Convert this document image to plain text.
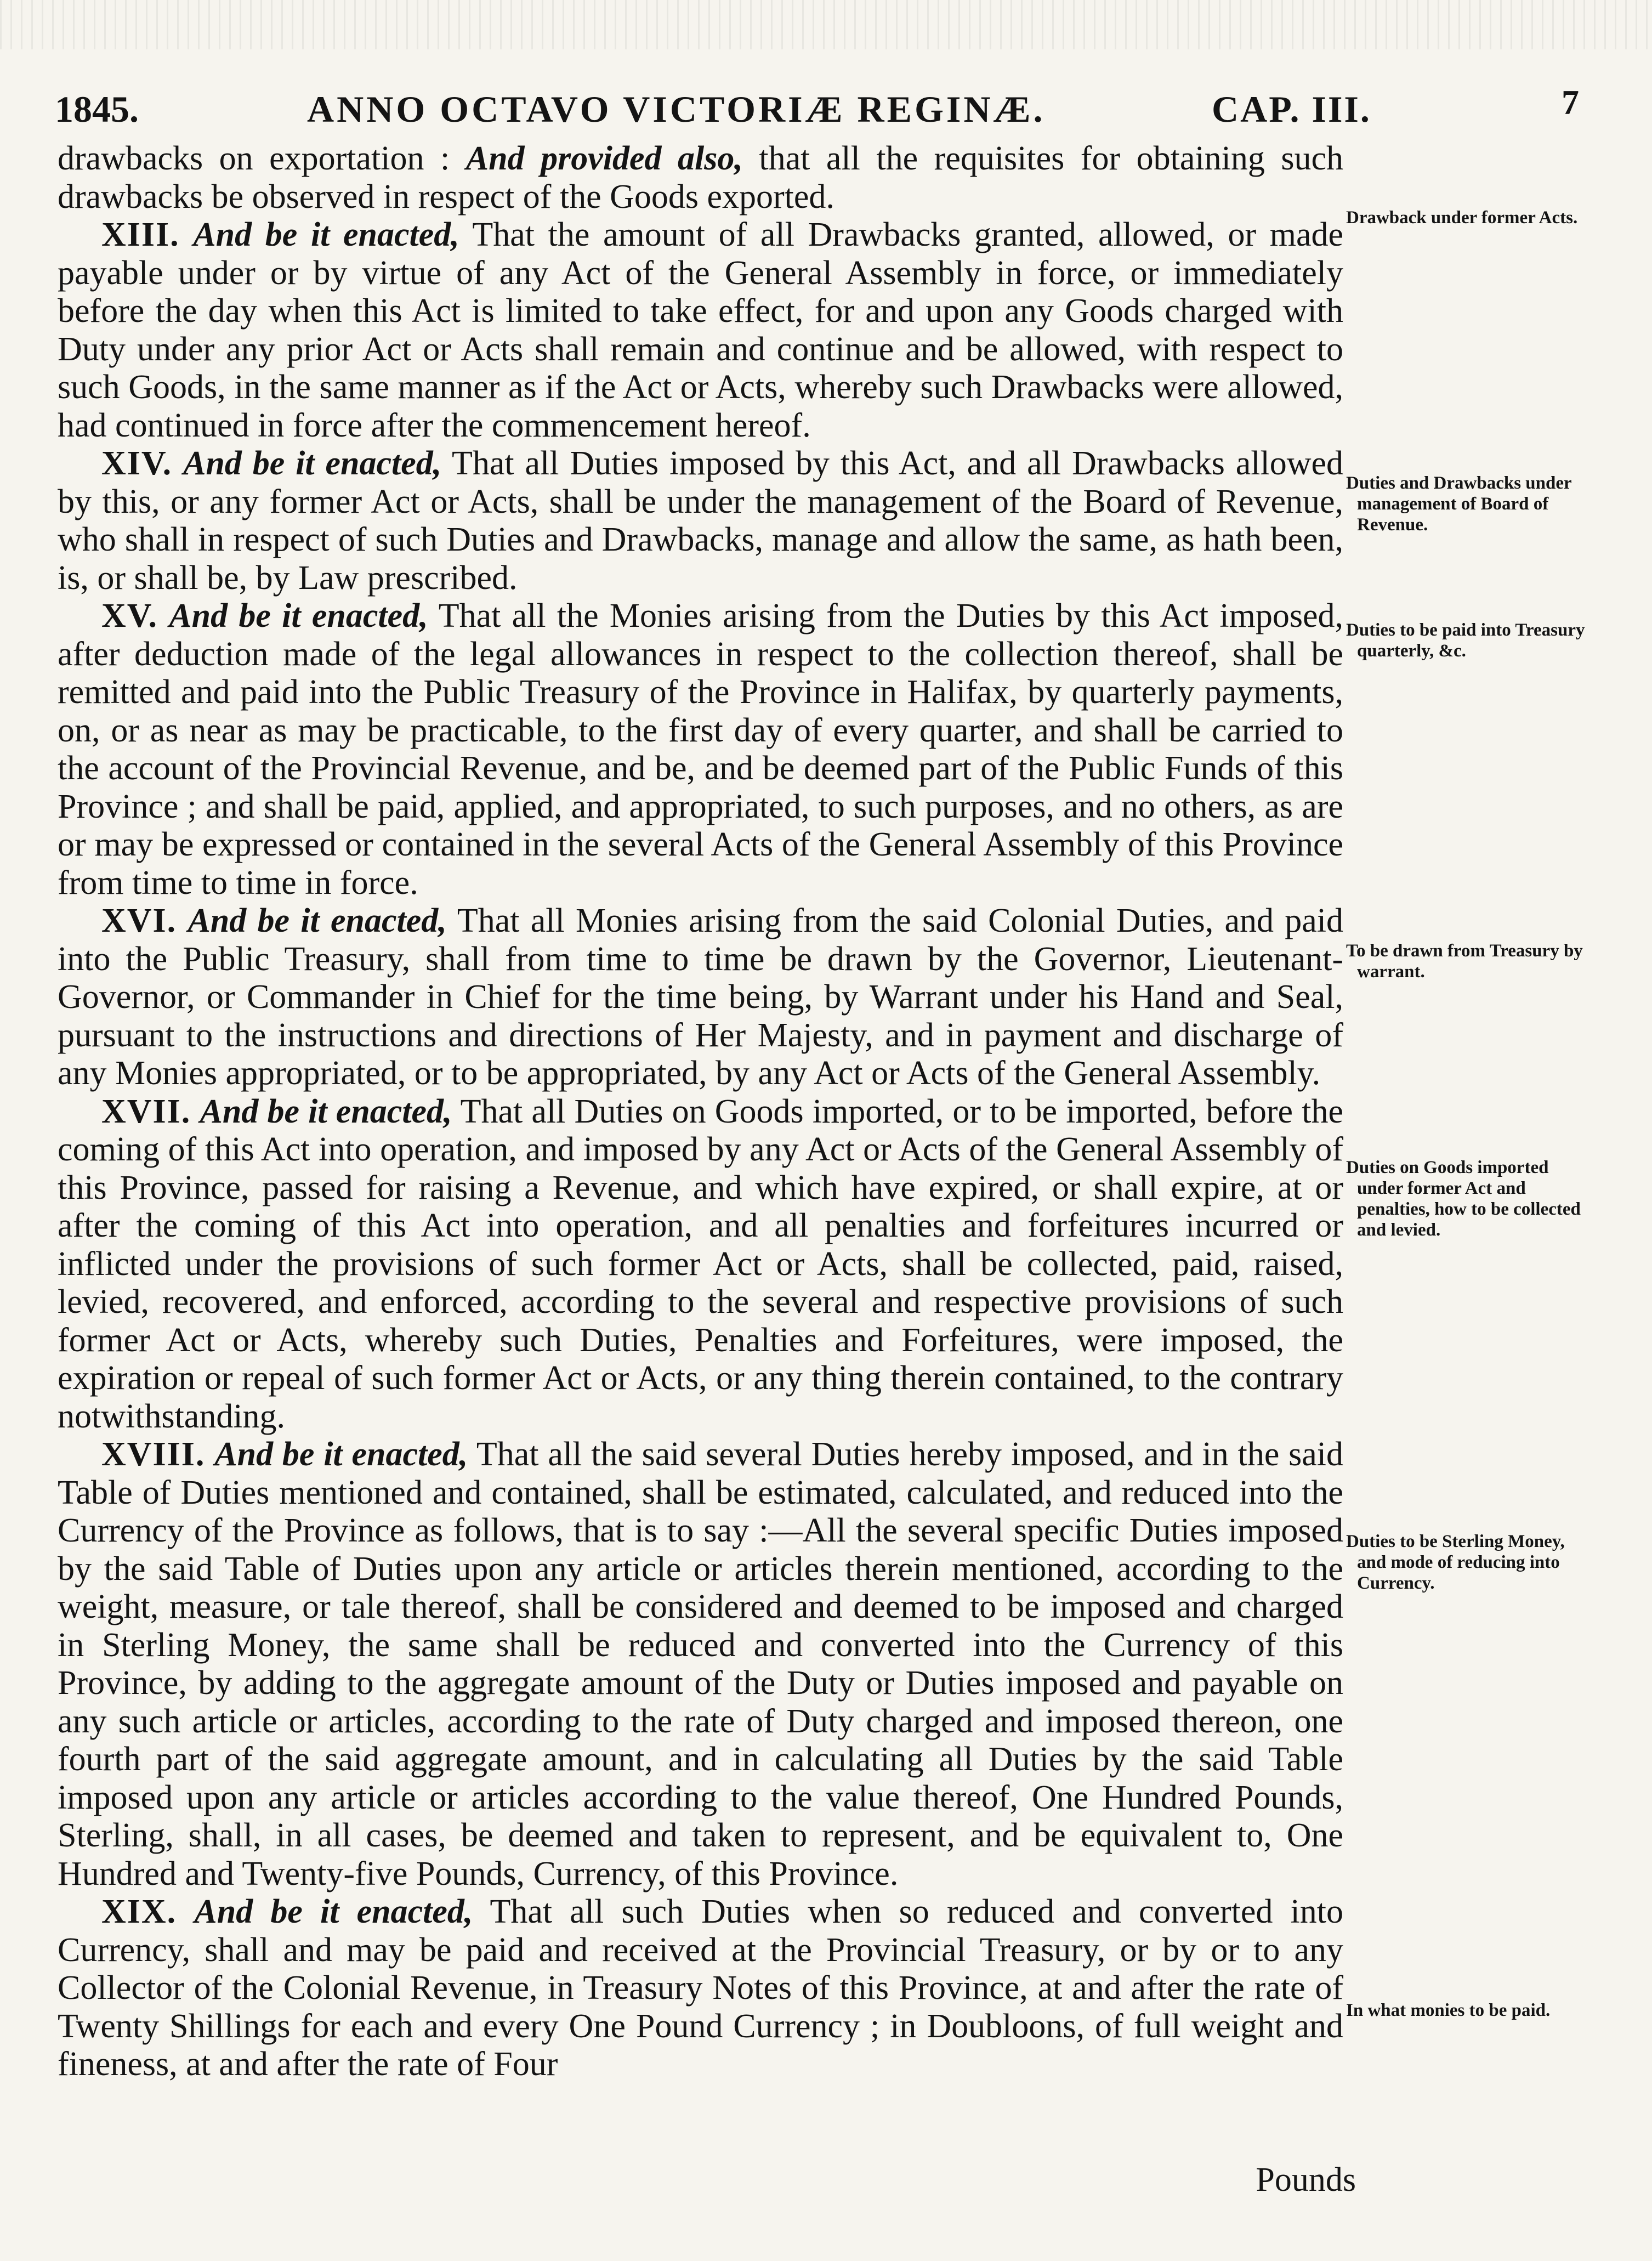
1845.	ANNO OCTAVO VICTORIÆ REGINÆ.	CAP. III.	7

drawbacks on exportation : And provided also, that all the requisites for obtaining such drawbacks be observed in respect of the Goods exported.

XIII. And be it enacted, That the amount of all Drawbacks granted, allowed, or made payable under or by virtue of any Act of the General Assembly in force, or immediately before the day when this Act is limited to take effect, for and upon any Goods charged with Duty under any prior Act or Acts shall remain and continue and be allowed, with respect to such Goods, in the same manner as if the Act or Acts, whereby such Drawbacks were allowed, had continued in force after the commencement hereof.

XIV. And be it enacted, That all Duties imposed by this Act, and all Drawbacks allowed by this, or any former Act or Acts, shall be under the management of the Board of Revenue, who shall in respect of such Duties and Drawbacks, manage and allow the same, as hath been, is, or shall be, by Law prescribed.

XV. And be it enacted, That all the Monies arising from the Duties by this Act imposed, after deduction made of the legal allowances in respect to the collection thereof, shall be remitted and paid into the Public Treasury of the Province in Halifax, by quarterly payments, on, or as near as may be practicable, to the first day of every quarter, and shall be carried to the account of the Provincial Revenue, and be, and be deemed part of the Public Funds of this Province ; and shall be paid, applied, and appropriated, to such purposes, and no others, as are or may be expressed or contained in the several Acts of the General Assembly of this Province from time to time in force.

XVI. And be it enacted, That all Monies arising from the said Colonial Duties, and paid into the Public Treasury, shall from time to time be drawn by the Governor, Lieutenant-Governor, or Commander in Chief for the time being, by Warrant under his Hand and Seal, pursuant to the instructions and directions of Her Majesty, and in payment and discharge of any Monies appropriated, or to be appropriated, by any Act or Acts of the General Assembly.

XVII. And be it enacted, That all Duties on Goods imported, or to be imported, before the coming of this Act into operation, and imposed by any Act or Acts of the General Assembly of this Province, passed for raising a Revenue, and which have expired, or shall expire, at or after the coming of this Act into operation, and all penalties and forfeitures incurred or inflicted under the provisions of such former Act or Acts, shall be collected, paid, raised, levied, recovered, and enforced, according to the several and respective provisions of such former Act or Acts, whereby such Duties, Penalties and Forfeitures, were imposed, the expiration or repeal of such former Act or Acts, or any thing therein contained, to the contrary notwithstanding.

XVIII. And be it enacted, That all the said several Duties hereby imposed, and in the said Table of Duties mentioned and contained, shall be estimated, calculated, and reduced into the Currency of the Province as follows, that is to say :—All the several specific Duties imposed by the said Table of Duties upon any article or articles therein mentioned, according to the weight, measure, or tale thereof, shall be considered and deemed to be imposed and charged in Sterling Money, the same shall be reduced and converted into the Currency of this Province, by adding to the aggregate amount of the Duty or Duties imposed and payable on any such article or articles, according to the rate of Duty charged and imposed thereon, one fourth part of the said aggregate amount, and in calculating all Duties by the said Table imposed upon any article or articles according to the value thereof, One Hundred Pounds, Sterling, shall, in all cases, be deemed and taken to represent, and be equivalent to, One Hundred and Twenty-five Pounds, Currency, of this Province.

XIX. And be it enacted, That all such Duties when so reduced and converted into Currency, shall and may be paid and received at the Provincial Treasury, or by or to any Collector of the Colonial Revenue, in Treasury Notes of this Province, at and after the rate of Twenty Shillings for each and every One Pound Currency ; in Doubloons, of full weight and fineness, at and after the rate of Four

Pounds
Drawback under former Acts.
Duties and Drawbacks under management of Board of Revenue.
Duties to be paid into Treasury quarterly, &c.
To be drawn from Treasury by warrant.
Duties on Goods imported under former Act and penalties, how to be collected and levied.
Duties to be Sterling Money, and mode of reducing into Currency.
In what monies to be paid.
